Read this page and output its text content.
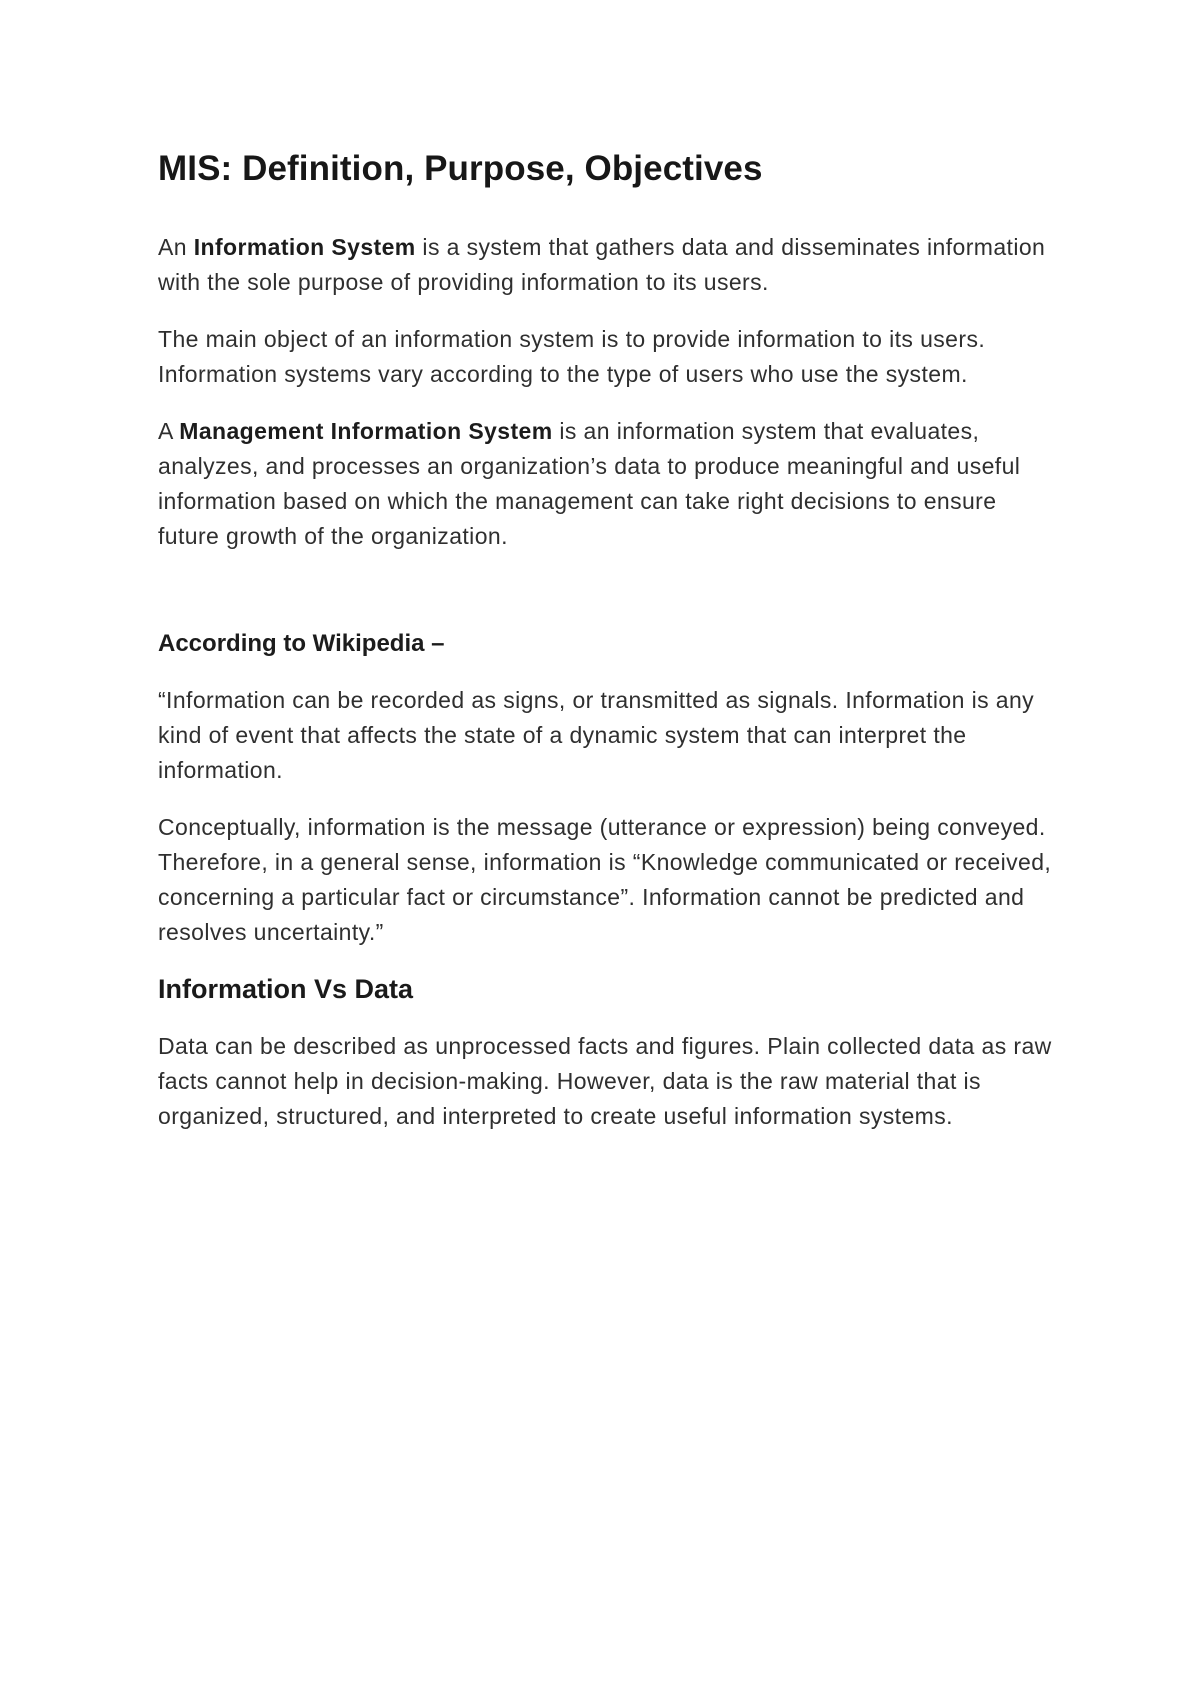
MIS: Definition, Purpose, Objectives

An Information System is a system that gathers data and disseminates information with the sole purpose of providing information to its users.

The main object of an information system is to provide information to its users. Information systems vary according to the type of users who use the system.

A Management Information System is an information system that evaluates, analyzes, and processes an organization’s data to produce meaningful and useful information based on which the management can take right decisions to ensure future growth of the organization.

According to Wikipedia –

“Information can be recorded as signs, or transmitted as signals. Information is any kind of event that affects the state of a dynamic system that can interpret the information.

Conceptually, information is the message (utterance or expression) being conveyed. Therefore, in a general sense, information is “Knowledge communicated or received, concerning a particular fact or circumstance”. Information cannot be predicted and resolves uncertainty.”

Information Vs Data

Data can be described as unprocessed facts and figures. Plain collected data as raw facts cannot help in decision-making. However, data is the raw material that is organized, structured, and interpreted to create useful information systems.
